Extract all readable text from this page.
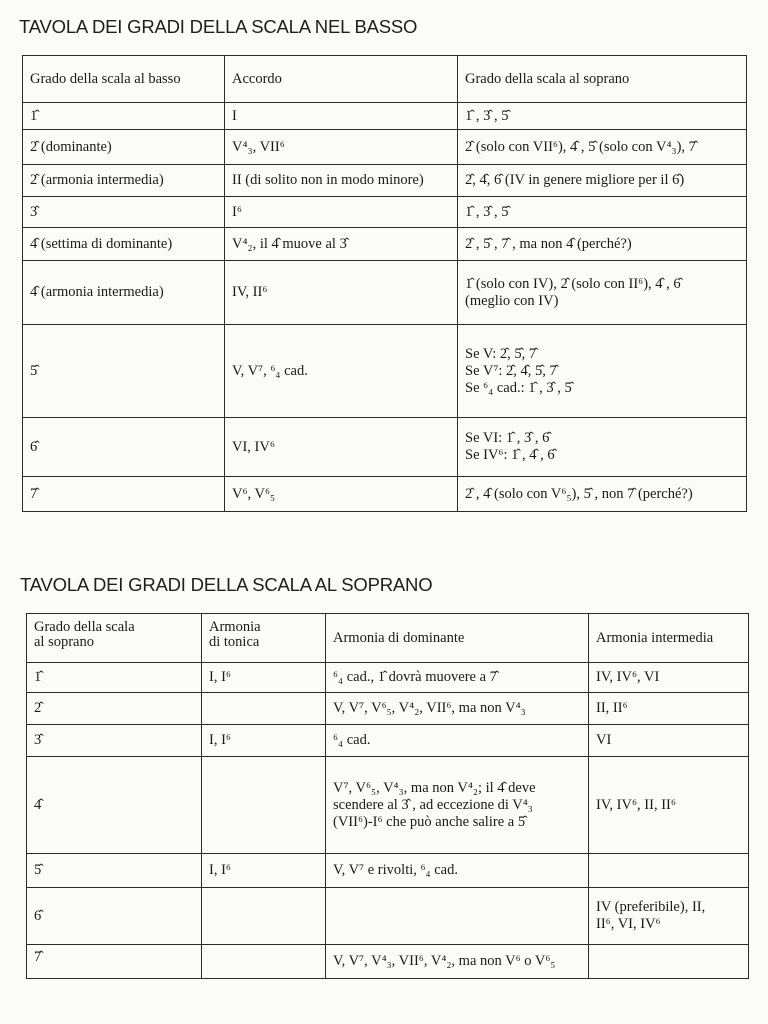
TAVOLA DEI GRADI DELLA SCALA NEL BASSO
Grado della scala al basso	Accordo	Grado della scala al soprano
1̂	I	1̂ , 3̂ , 5̂
2̂ (dominante)	V⁴₃, VII⁶	2̂ (solo con VII⁶), 4̂ , 5̂ (solo con V⁴₃), 7̂
2̂ (armonia intermedia)	II (di solito non in modo minore)	2̂, 4̂, 6̂ (IV in genere migliore per il 6̂)
3̂	I⁶	1̂ , 3̂ , 5̂
4̂ (settima di dominante)	V⁴₂, il 4̂ muove al 3̂	2̂ , 5̂ , 7̂ , ma non 4̂ (perché?)
4̂ (armonia intermedia)	IV, II⁶	1̂ (solo con IV), 2̂ (solo con II⁶), 4̂ , 6̂
(meglio con IV)
5̂	V, V⁷, ⁶₄ cad.	Se V: 2̂, 5̂, 7̂
Se V⁷: 2̂, 4̂, 5̂, 7̂
Se ⁶₄ cad.: 1̂ , 3̂ , 5̂
6̂	VI, IV⁶	Se VI: 1̂ , 3̂ , 6̂
Se IV⁶: 1̂ , 4̂ , 6̂
7̂	V⁶, V⁶₅	2̂ , 4̂ (solo con V⁶₅), 5̂ , non 7̂ (perché?)
TAVOLA DEI GRADI DELLA SCALA AL SOPRANO
Grado della scala
al soprano	Armonia
di tonica	Armonia di dominante	Armonia intermedia
1̂	I, I⁶	⁶₄ cad., 1̂ dovrà muovere a 7̂	IV, IV⁶, VI
2̂		V, V⁷, V⁶₅, V⁴₂, VII⁶, ma non V⁴₃	II, II⁶
3̂	I, I⁶	⁶₄ cad.	VI
4̂		V⁷, V⁶₅, V⁴₃, ma non V⁴₂; il 4̂ deve
scendere al 3̂ , ad eccezione di V⁴₃
(VII⁶)-I⁶ che può anche salire a 5̂	IV, IV⁶, II, II⁶
5̂	I, I⁶	V, V⁷ e rivolti, ⁶₄ cad.	
6̂			IV (preferibile), II,
II⁶, VI, IV⁶
7̂		V, V⁷, V⁴₃, VII⁶, V⁴₂, ma non V⁶ o V⁶₅	
